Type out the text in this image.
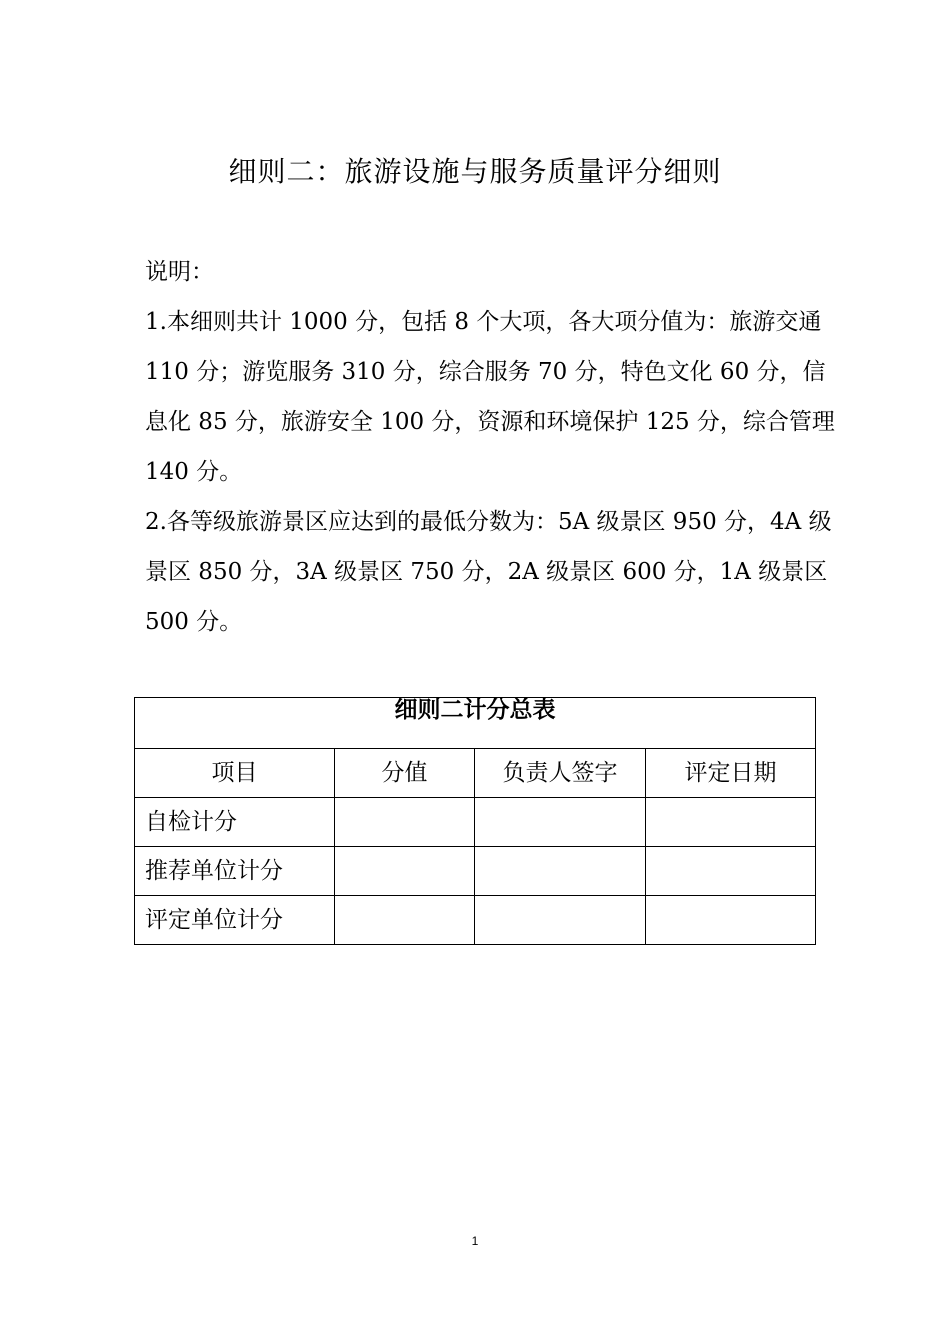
细则二：旅游设施与服务质量评分细则

说明：

1.本细则共计 1000 分，包括 8 个大项，各大项分值为：旅游交通 110 分；游览服务 310 分，综合服务 70 分，特色文化 60 分，信息化 85 分，旅游安全 100 分，资源和环境保护 125 分，综合管理 140 分。

2.各等级旅游景区应达到的最低分数为：5A 级景区 950 分，4A 级景区 850 分，3A 级景区 750 分，2A 级景区 600 分，1A 级景区 500 分。

细则二计分总表			
项目	分值	负责人签字	评定日期
自检计分			
推荐单位计分			
评定单位计分			
1
